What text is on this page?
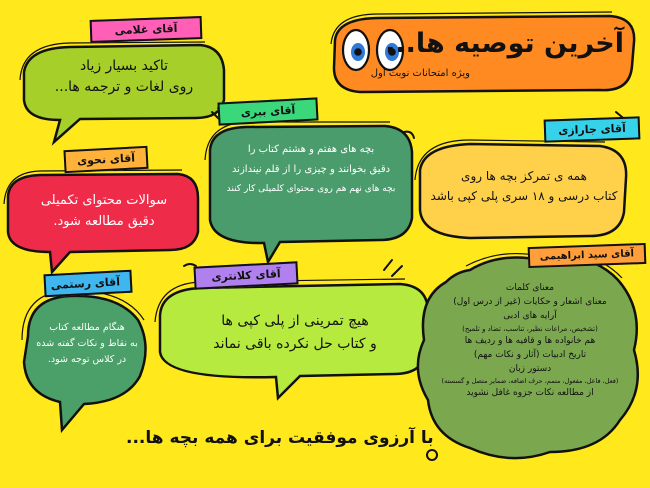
آخرین توصیه ها...
ویژه امتحانات نوبت اول
آقای غلامی
آقای ببری
آقای جارازی
آقای نحوی
آقای کلانتری
آقای رستمی
آقای سید ابراهیمی
تاکید بسیار زیاد
روی لغات و ترجمه ها...
بچه های هفتم و هشتم کتاب را
دقیق بخوانند و چیزی را از قلم نیندازند
بچه های نهم هم روی محتوای کلمیلی کار کنند
همه ی تمرکز بچه ها روی
کتاب درسی و ۱۸ سری پلی کپی باشد
سوالات محتوای تکمیلی
دقیق مطالعه شود.
هیچ تمرینی از پلی کپی ها
و کتاب حل نکرده باقی نماند
هنگام مطالعه کتاب
به نقاط و نکات گفته شده
در کلاس توجه شود.
معنای کلمات
معنای اشعار و حکایات (غیر از درس اول)
آرایه های ادبی
(تشخیص، مراعات نظیر، تناسب، تضاد و تلمیح)
هم خانواده ها و قافیه ها و ردیف ها
تاریخ ادبیات (آثار و نکات مهم)
دستور زبان
(فعل، فاعل، مفعول، متمم، حرف اضافه، ضمایر متصل و گسسته)
از مطالعه نکات جزوه غافل نشوید
با آرزوی موفقیت برای همه بچه ها...
